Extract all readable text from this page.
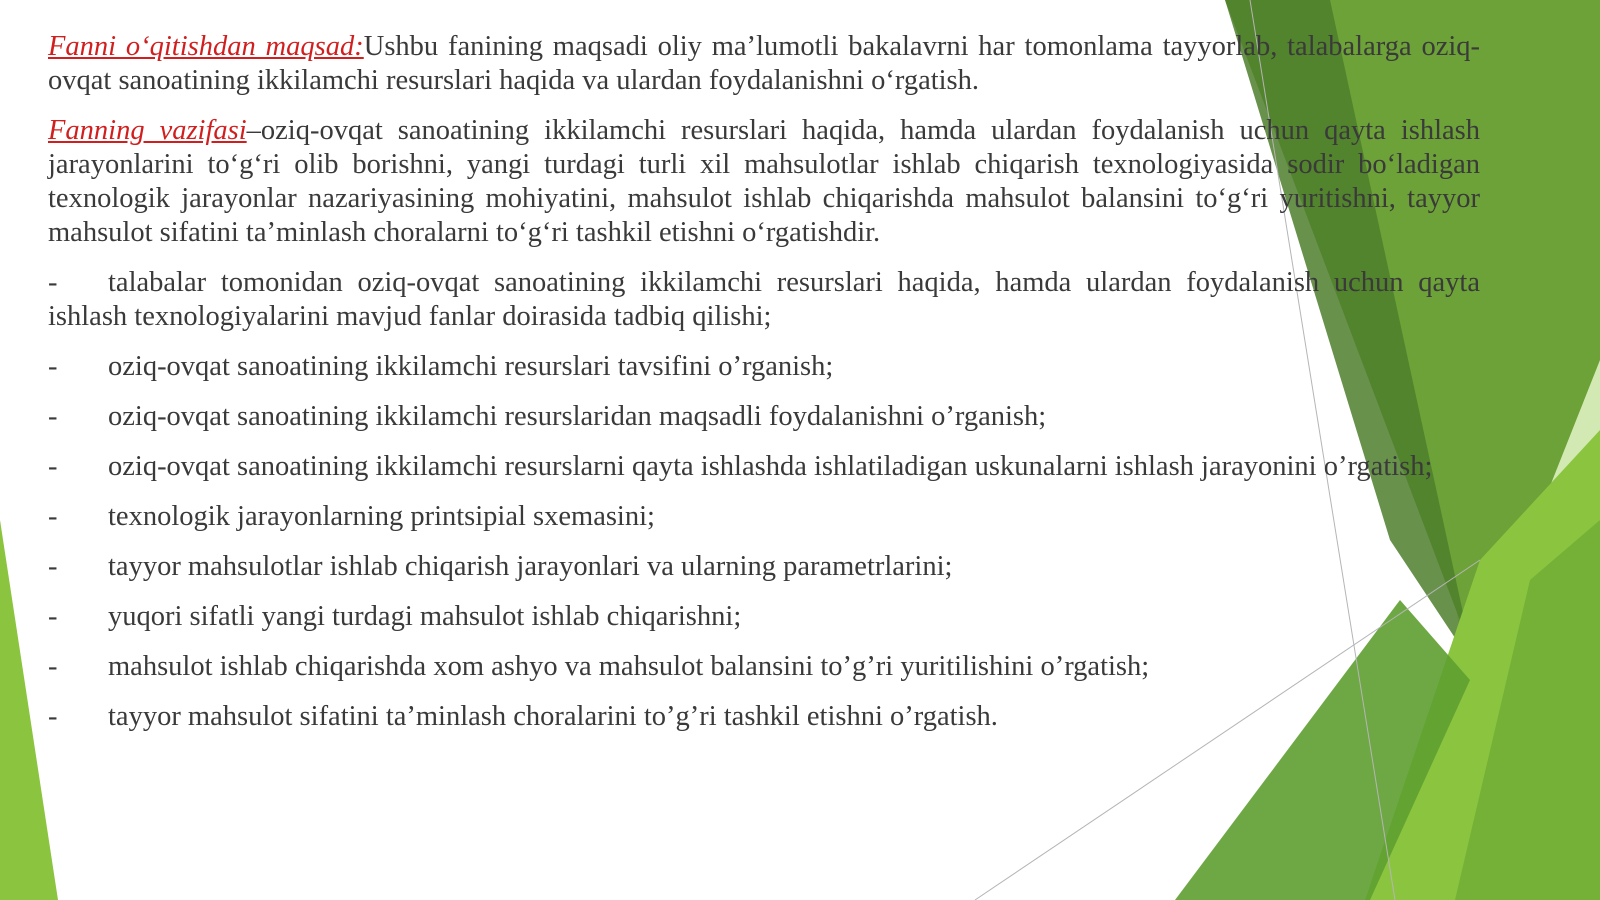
Fanni o‘qitishdan maqsad:Ushbu fanining maqsadi oliy ma’lumotli bakalavrni har tomonlama tayyorlab, talabalarga oziq-ovqat sanoatining ikkilamchi resurslari haqida va ulardan foydalanishni o‘rgatish.

Fanning vazifasi–oziq-ovqat sanoatining ikkilamchi resurslari haqida, hamda ulardan foydalanish uchun qayta ishlash jarayonlarini to‘g‘ri olib borishni, yangi turdagi turli xil mahsulotlar ishlab chiqarish texnologiyasida sodir bo‘ladigan texnologik jarayonlar nazariyasining mohiyatini, mahsulot ishlab chiqarishda mahsulot balansini to‘g‘ri yuritishni, tayyor mahsulot sifatini ta’minlash choralarni to‘g‘ri tashkil etishni o‘rgatishdir.

-	talabalar tomonidan oziq-ovqat sanoatining ikkilamchi resurslari haqida, hamda ulardan foydalanish uchun qayta ishlash texnologiyalarini mavjud fanlar doirasida tadbiq qilishi;
-	oziq-ovqat sanoatining ikkilamchi resurslari tavsifini o’rganish;
-	oziq-ovqat sanoatining ikkilamchi resurslaridan maqsadli foydalanishni o’rganish;
-	oziq-ovqat sanoatining ikkilamchi resurslarni qayta ishlashda ishlatiladigan uskunalarni ishlash jarayonini o’rgatish;
-	texnologik jarayonlarning printsipial sxemasini;
-	tayyor mahsulotlar ishlab chiqarish jarayonlari va ularning parametrlarini;
-	yuqori sifatli yangi turdagi mahsulot ishlab chiqarishni;
-	mahsulot ishlab chiqarishda xom ashyo va mahsulot balansini to’g’ri yuritilishini o’rgatish;
-	tayyor mahsulot sifatini ta’minlash choralarini to’g’ri tashkil etishni o’rgatish.
